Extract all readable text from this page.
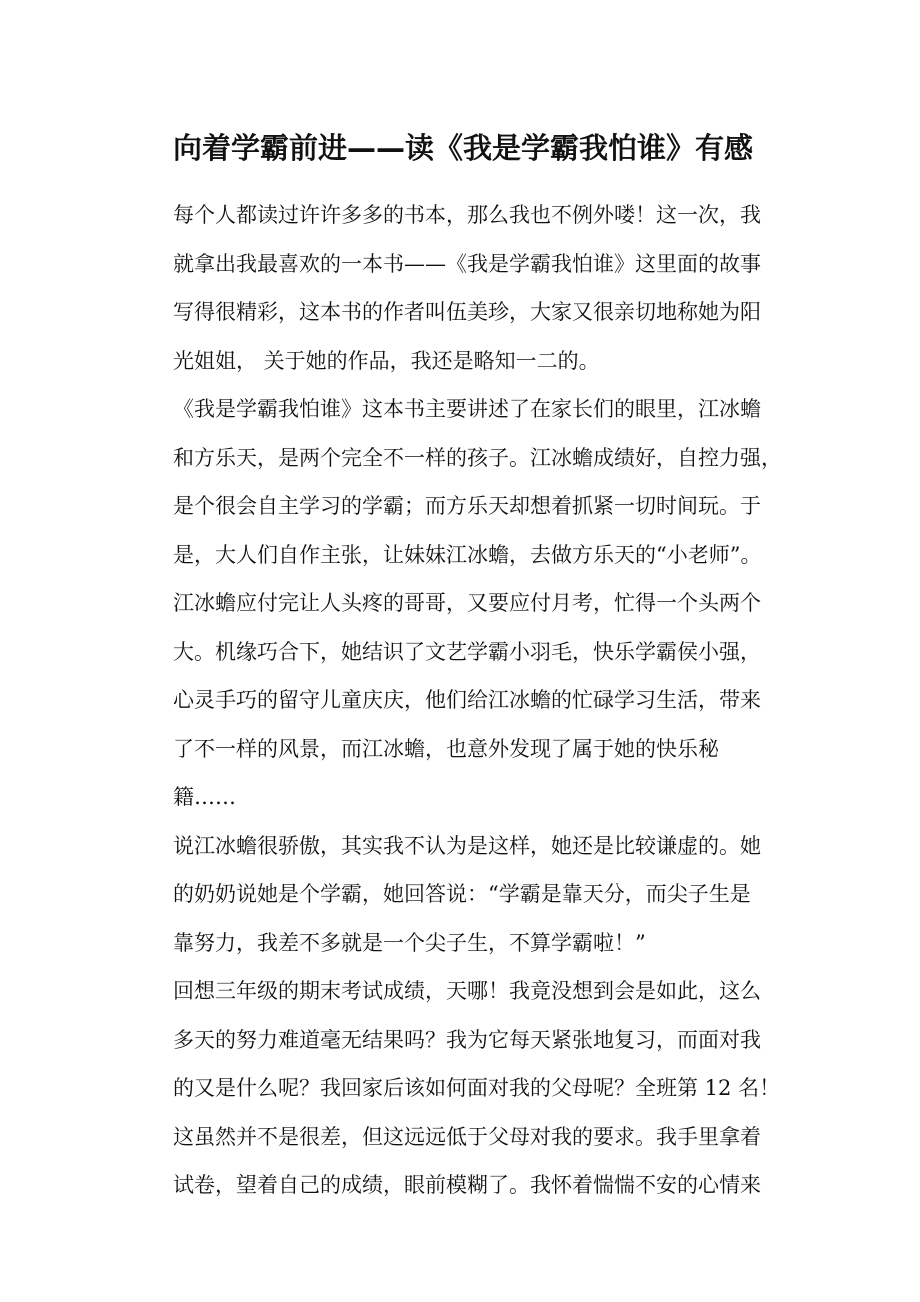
向着学霸前进——读《我是学霸我怕谁》有感
每个人都读过许许多多的书本，那么我也不例外喽！这一次，我
就拿出我最喜欢的一本书——《我是学霸我怕谁》这里面的故事
写得很精彩，这本书的作者叫伍美珍，大家又很亲切地称她为阳
光姐姐， 关于她的作品，我还是略知一二的。
《我是学霸我怕谁》这本书主要讲述了在家长们的眼里，江冰蟾
和方乐天，是两个完全不一样的孩子。江冰蟾成绩好，自控力强，
是个很会自主学习的学霸；而方乐天却想着抓紧一切时间玩。于
是，大人们自作主张，让妹妹江冰蟾，去做方乐天的“小老师”。
江冰蟾应付完让人头疼的哥哥，又要应付月考，忙得一个头两个
大。机缘巧合下，她结识了文艺学霸小羽毛，快乐学霸侯小强，
心灵手巧的留守儿童庆庆，他们给江冰蟾的忙碌学习生活，带来
了不一样的风景，而江冰蟾，也意外发现了属于她的快乐秘
籍……
说江冰蟾很骄傲，其实我不认为是这样，她还是比较谦虚的。她
的奶奶说她是个学霸，她回答说：“学霸是靠天分，而尖子生是
靠努力，我差不多就是一个尖子生，不算学霸啦！”
回想三年级的期末考试成绩，天哪！我竟没想到会是如此，这么
多天的努力难道毫无结果吗？我为它每天紧张地复习，而面对我
的又是什么呢？我回家后该如何面对我的父母呢？全班第 12 名！
这虽然并不是很差，但这远远低于父母对我的要求。我手里拿着
试卷，望着自己的成绩，眼前模糊了。我怀着惴惴不安的心情来
